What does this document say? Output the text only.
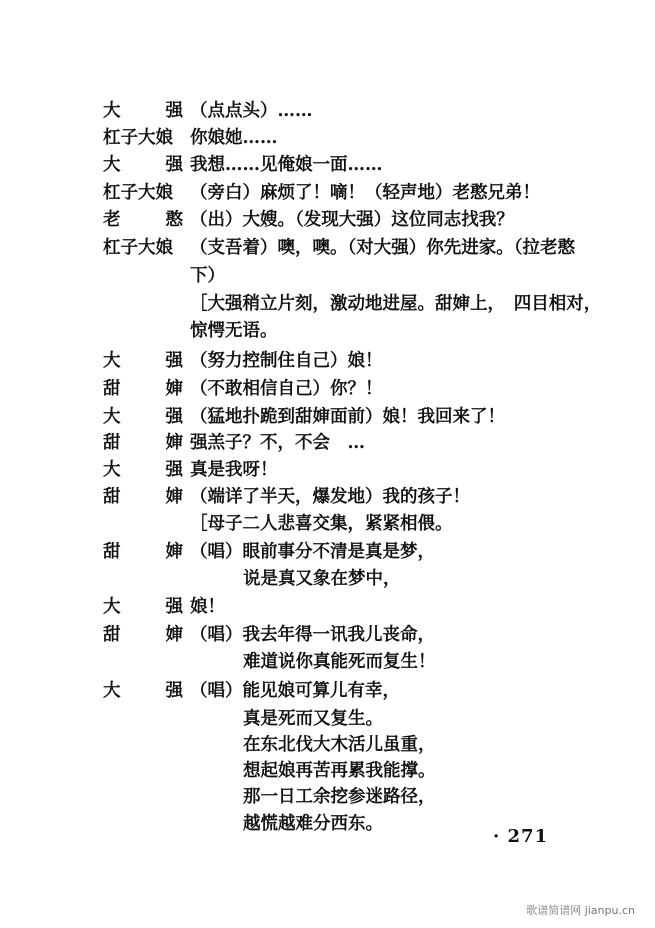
大	强 （点点头）……
杠子大娘 你娘她……
大	强 我想……见俺娘一面……
杠子大娘 （旁白）麻烦了！嘀！（轻声地）老憨兄弟！
老	憨 （出）大嫂。（发现大强）这位同志找我？
杠子大娘 （支吾着）噢，噢。（对大强）你先进家。（拉老憨
下）
［大强稍立片刻，激动地进屋。甜婶上，　四目相对，
惊愕无语。
大	强 （努力控制住自己）娘！
甜	婶 （不敢相信自己）你？！
大	强 （猛地扑跪到甜婶面前）娘！我回来了！
甜	婶 强羔子？不，不会　…
大	强 真是我呀！
甜	婶 （端详了半天，爆发地）我的孩子！
［母子二人悲喜交集，紧紧相偎。
甜	婶 （唱）眼前事分不清是真是梦，
说是真又象在梦中，
大	强 娘！
甜	婶 （唱）我去年得一讯我儿丧命，
难道说你真能死而复生！
大	强 （唱）能见娘可算儿有幸，
真是死而又复生。
在东北伐大木活儿虽重，
想起娘再苦再累我能撑。
那一日工余挖参迷路径，
越慌越难分西东。
· 271
歌谱简谱网 jianpu.cn
